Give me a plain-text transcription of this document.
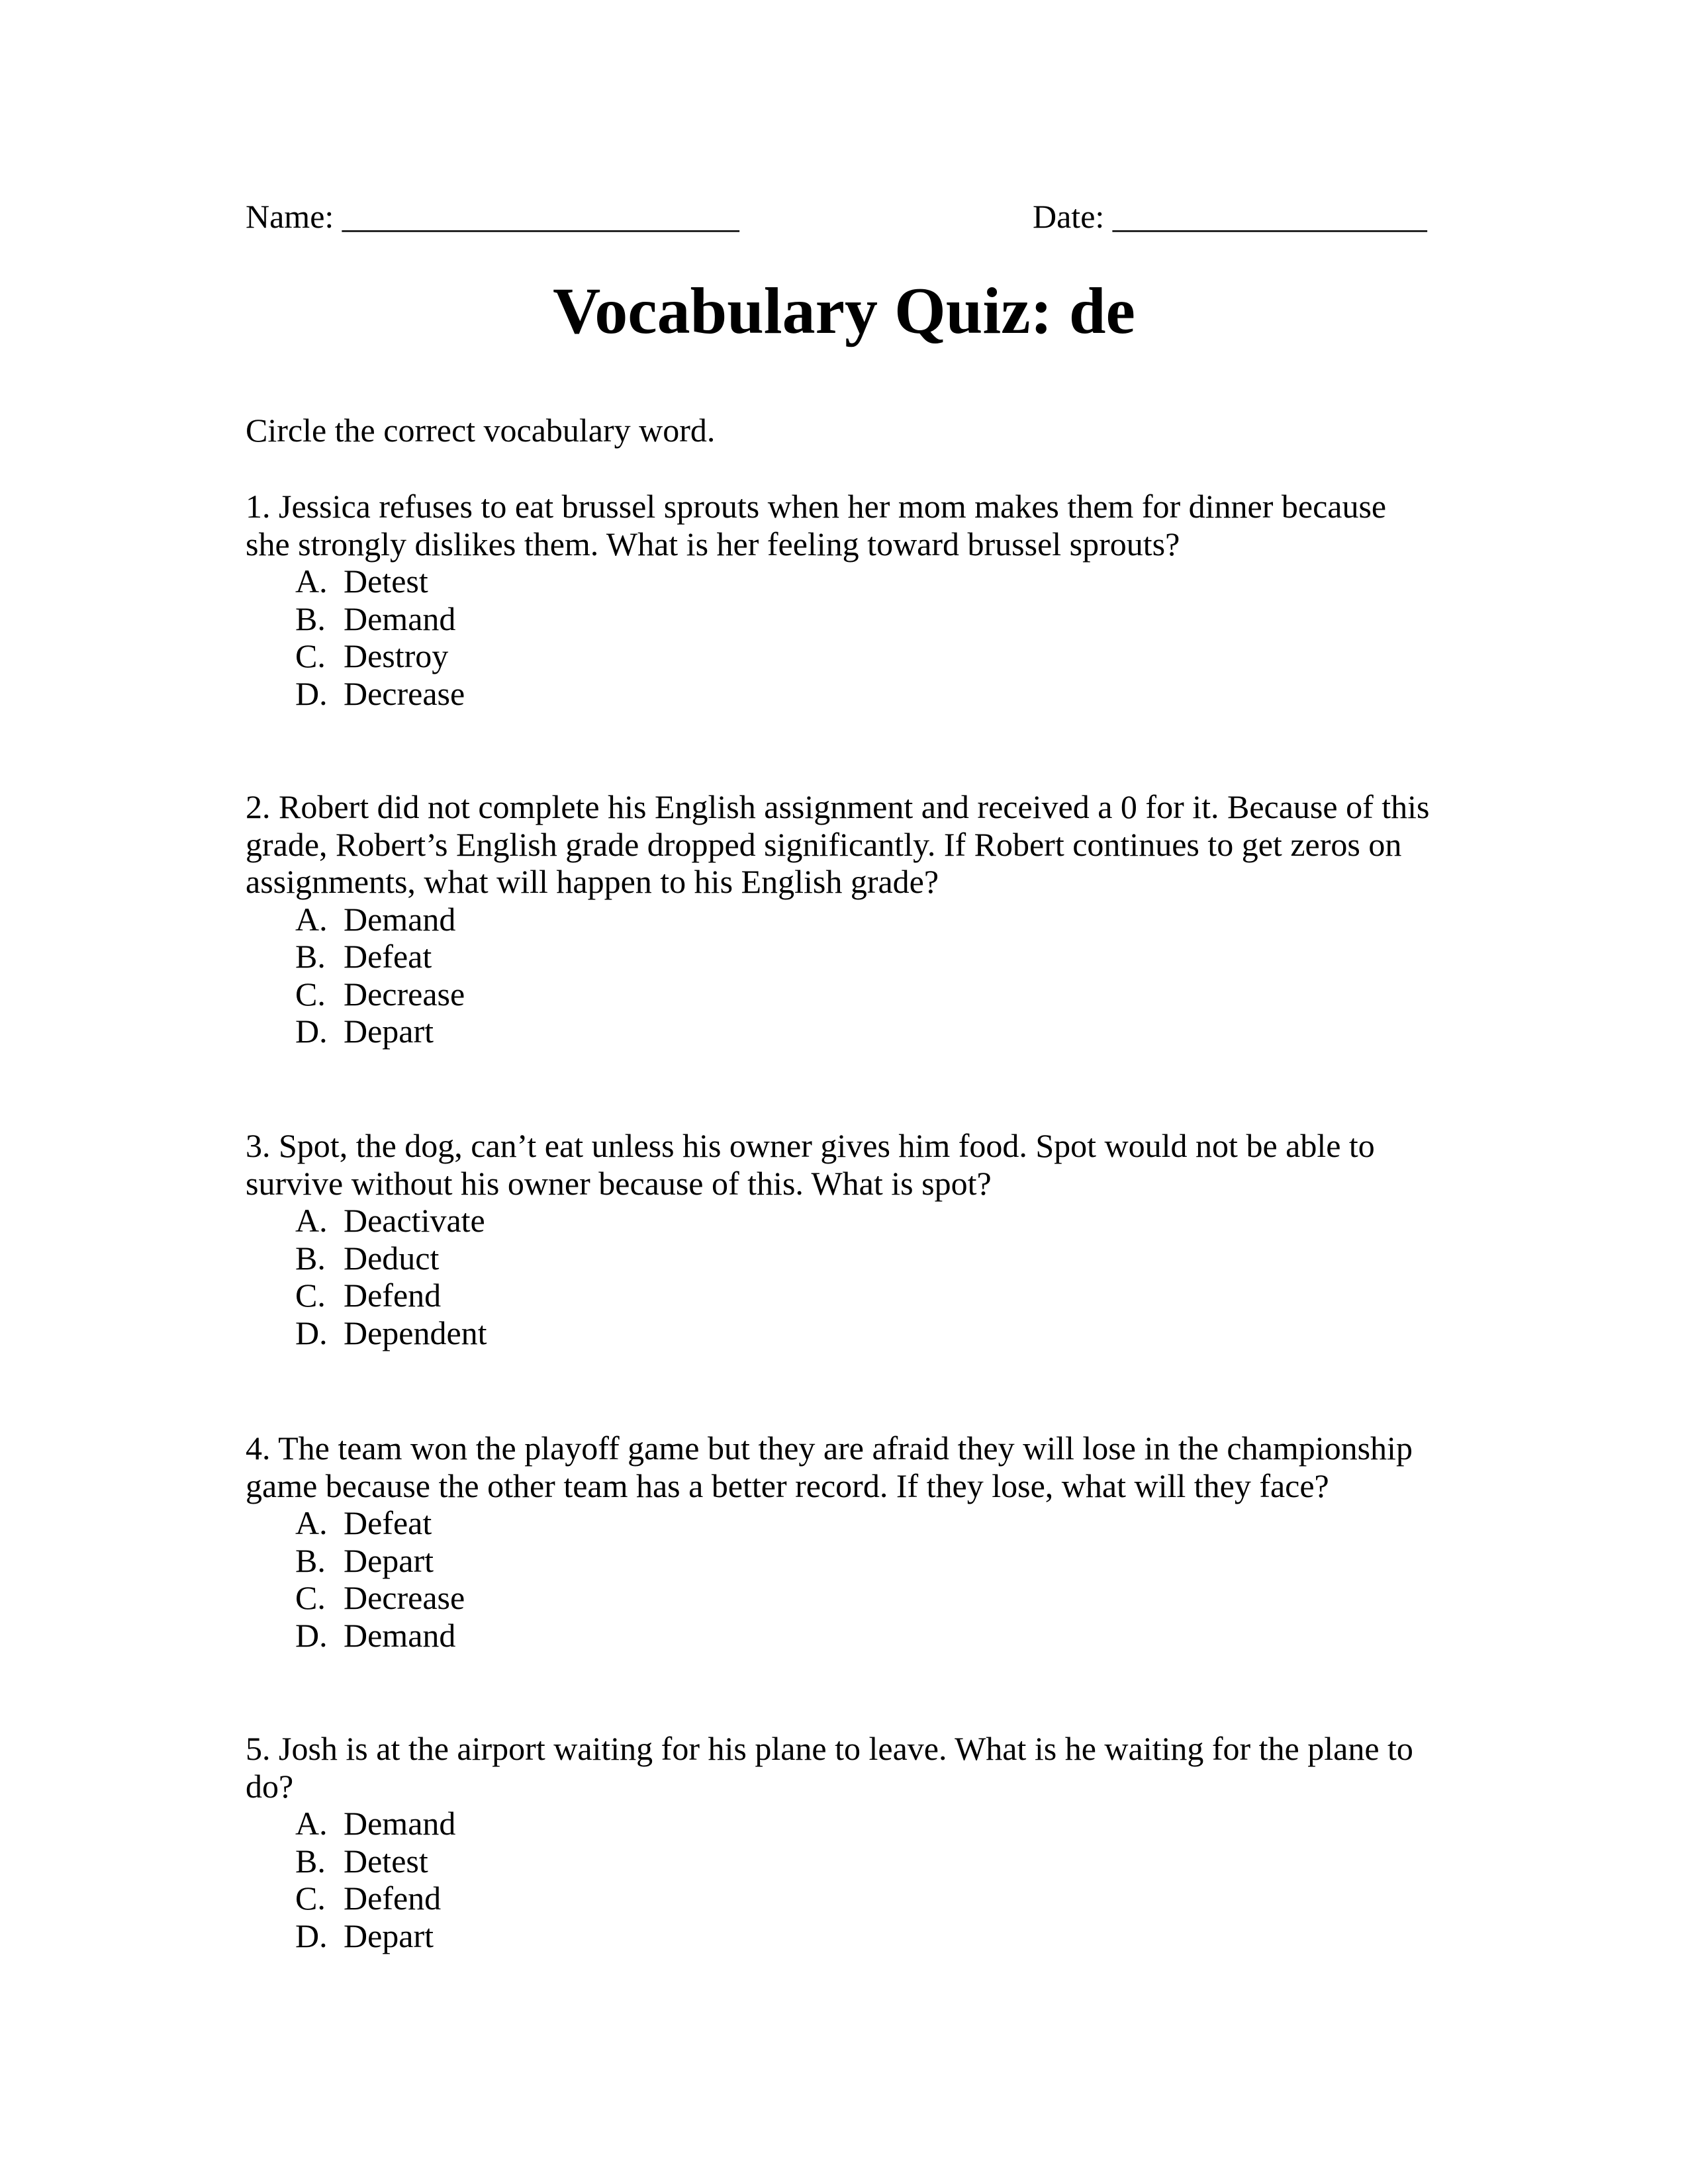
Name: ________________________	Date: ___________________
Vocabulary Quiz: de
Circle the correct vocabulary word.
1. Jessica refuses to eat brussel sprouts when her mom makes them for dinner because
she strongly dislikes them. What is her feeling toward brussel sprouts?
A. Detest
B. Demand
C. Destroy
D. Decrease
2. Robert did not complete his English assignment and received a 0 for it. Because of this
grade, Robert’s English grade dropped significantly. If Robert continues to get zeros on
assignments, what will happen to his English grade?
A. Demand
B. Defeat
C. Decrease
D. Depart
3. Spot, the dog, can’t eat unless his owner gives him food. Spot would not be able to
survive without his owner because of this. What is spot?
A. Deactivate
B. Deduct
C. Defend
D. Dependent
4. The team won the playoff game but they are afraid they will lose in the championship
game because the other team has a better record. If they lose, what will they face?
A. Defeat
B. Depart
C. Decrease
D. Demand
5. Josh is at the airport waiting for his plane to leave. What is he waiting for the plane to
do?
A. Demand
B. Detest
C. Defend
D. Depart
